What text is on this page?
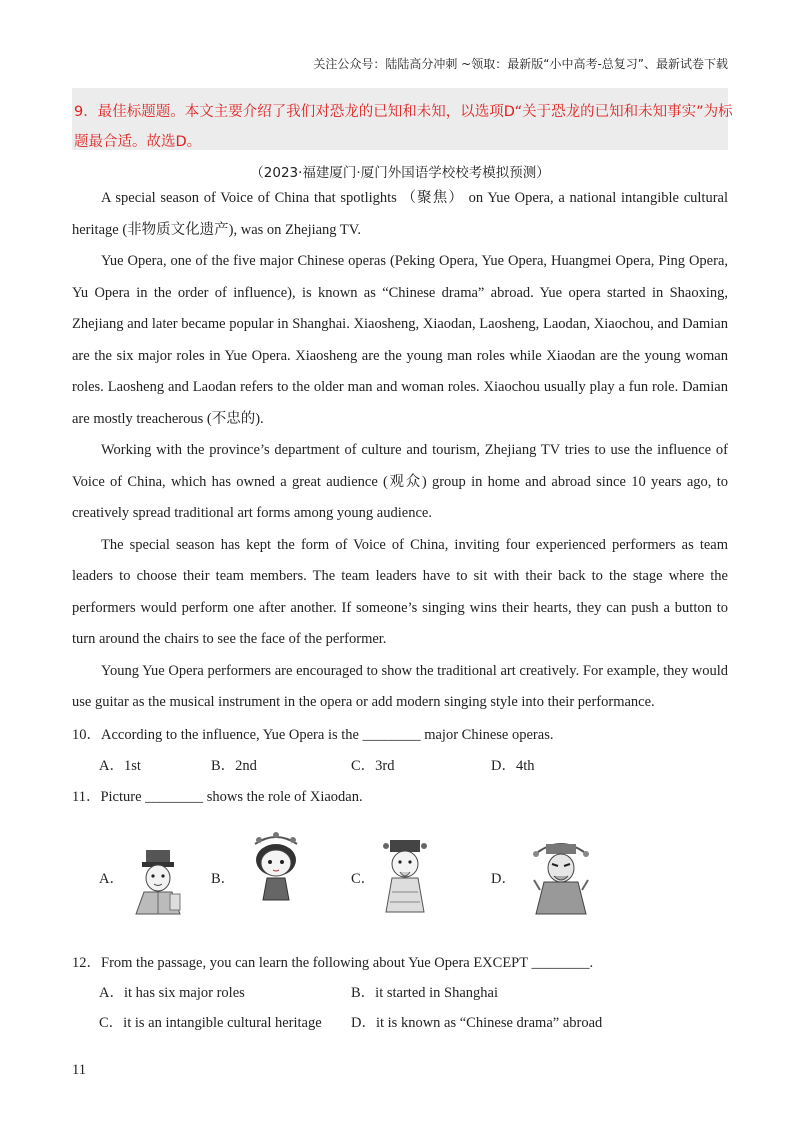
关注公众号：陆陆高分冲刺 ~领取：最新版“小中高考-总复习”、最新试卷下载
9．最佳标题题。本文主要介绍了我们对恐龙的已知和未知，以选项D“关于恐龙的已知和未知事实”为标
题最合适。故选D。
（2023·福建厦门·厦门外国语学校校考模拟预测）

A special season of Voice of China that spotlights （聚焦） on Yue Opera, a national intangible cultural heritage (非物质文化遗产), was on Zhejiang TV.

Yue Opera, one of the five major Chinese operas (Peking Opera, Yue Opera, Huangmei Opera, Ping Opera, Yu Opera in the order of influence), is known as “Chinese drama” abroad. Yue opera started in Shaoxing, Zhejiang and later became popular in Shanghai. Xiaosheng, Xiaodan, Laosheng, Laodan, Xiaochou, and Damian are the six major roles in Yue Opera. Xiaosheng are the young man roles while Xiaodan are the young woman roles. Laosheng and Laodan refers to the older man and woman roles. Xiaochou usually play a fun role. Damian are mostly treacherous (不忠的).

Working with the province’s department of culture and tourism, Zhejiang TV tries to use the influence of Voice of China, which has owned a great audience (观众) group in home and abroad since 10 years ago, to creatively spread traditional art forms among young audience.

The special season has kept the form of Voice of China, inviting four experienced performers as team leaders to choose their team members. The team leaders have to sit with their back to the stage where the performers would perform one after another. If someone’s singing wins their hearts, they can push a button to turn around the chairs to see the face of the performer.

Young Yue Opera performers are encouraged to show the traditional art creatively. For example, they would use guitar as the musical instrument in the opera or add modern singing style into their performance.

10．According to the influence, Yue Opera is the ________ major Chinese operas.
A．1st	B．2nd	C．3rd	D．4th
11．Picture ________ shows the role of Xiaodan.
A．	B．	C．	D．
12．From the passage, you can learn the following about Yue Opera EXCEPT ________.
A．it has six major roles	B．it started in Shanghai
C．it is an intangible cultural heritage D．it is known as “Chinese drama” abroad
11
